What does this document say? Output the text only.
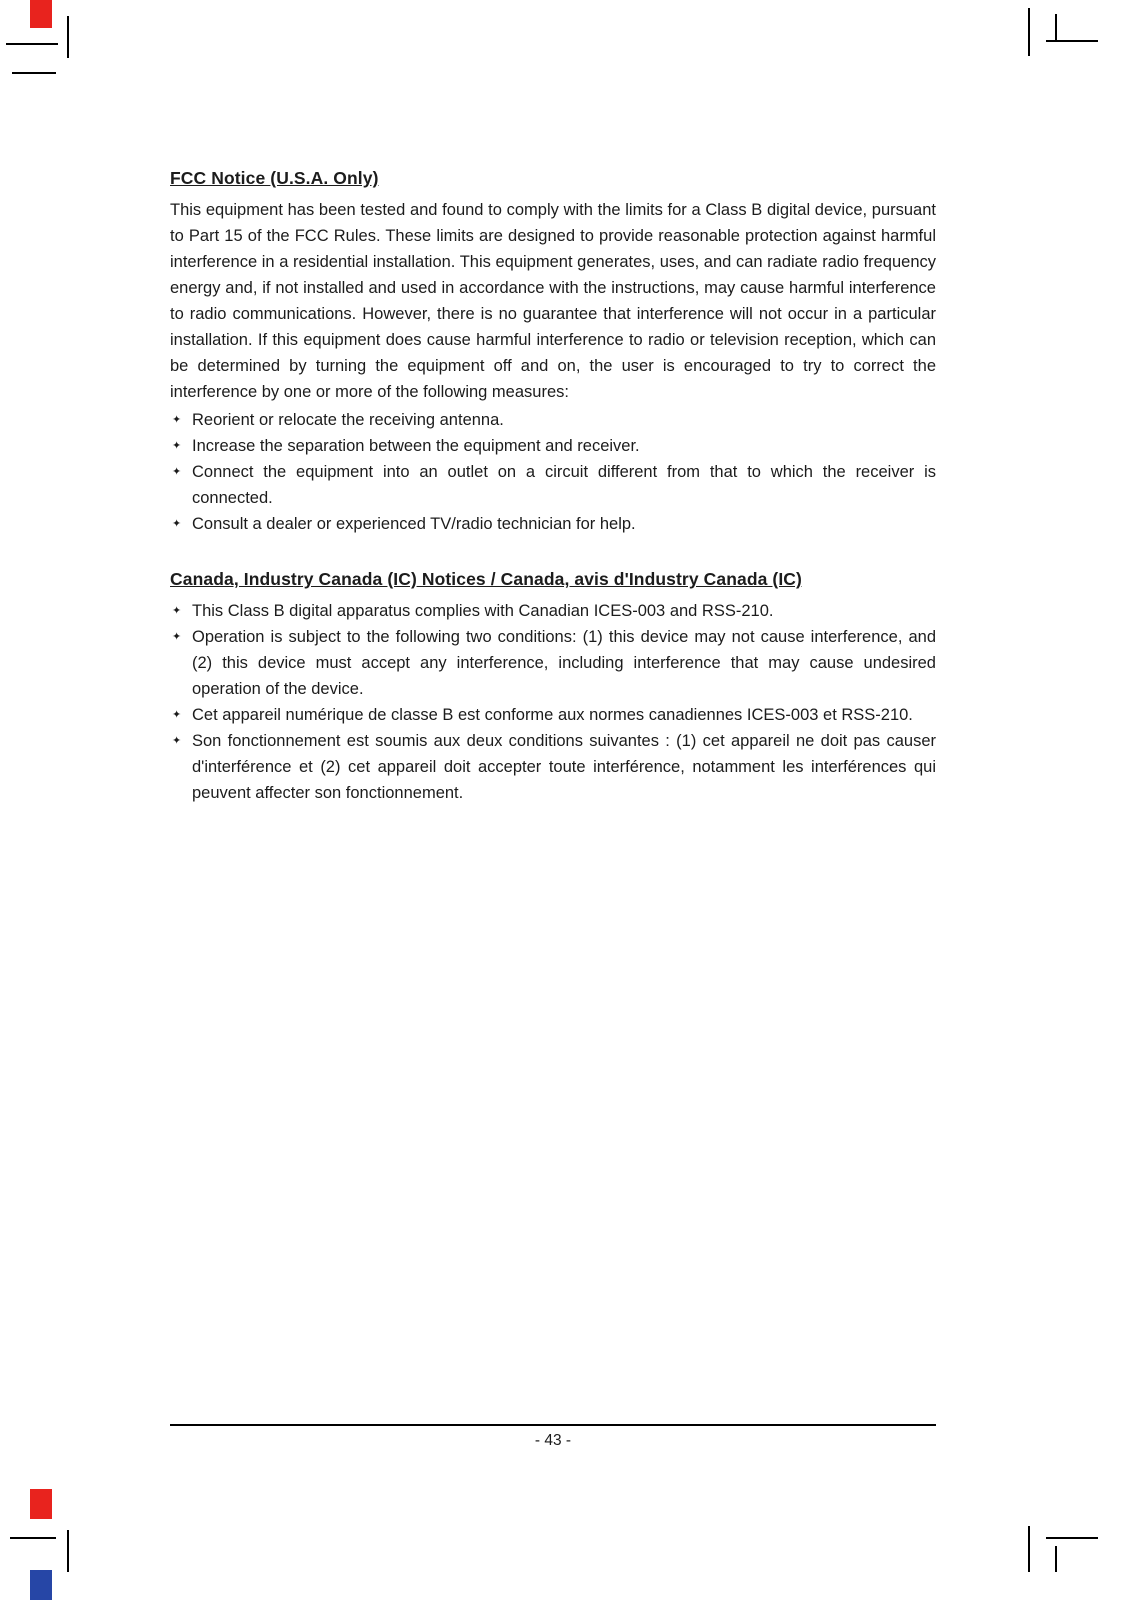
FCC Notice (U.S.A. Only)

This equipment has been tested and found to comply with the limits for a Class B digital device, pursuant to Part 15 of the FCC Rules. These limits are designed to provide reasonable protection against harmful interference in a residential installation. This equipment generates, uses, and can radiate radio frequency energy and, if not installed and used in accordance with the instructions, may cause harmful interference to radio communications. However, there is no guarantee that interference will not occur in a particular installation. If this equipment does cause harmful interference to radio or television reception, which can be determined by turning the equipment off and on, the user is encouraged to try to correct the interference by one or more of the following measures:

✦ Reorient or relocate the receiving antenna.
✦ Increase the separation between the equipment and receiver.
✦ Connect the equipment into an outlet on a circuit different from that to which the receiver is connected.
✦ Consult a dealer or experienced TV/radio technician for help.
Canada, Industry Canada (IC) Notices / Canada, avis d'Industry Canada (IC)
✦ This Class B digital apparatus complies with Canadian ICES-003 and RSS-210.
✦ Operation is subject to the following two conditions: (1) this device may not cause interference, and (2) this device must accept any interference, including interference that may cause undesired operation of the device.
✦ Cet appareil numérique de classe B est conforme aux normes canadiennes ICES-003 et RSS-210.
✦ Son fonctionnement est soumis aux deux conditions suivantes : (1) cet appareil ne doit pas causer d'interférence et (2) cet appareil doit accepter toute interférence, notamment les interférences qui peuvent affecter son fonctionnement.
- 43 -
